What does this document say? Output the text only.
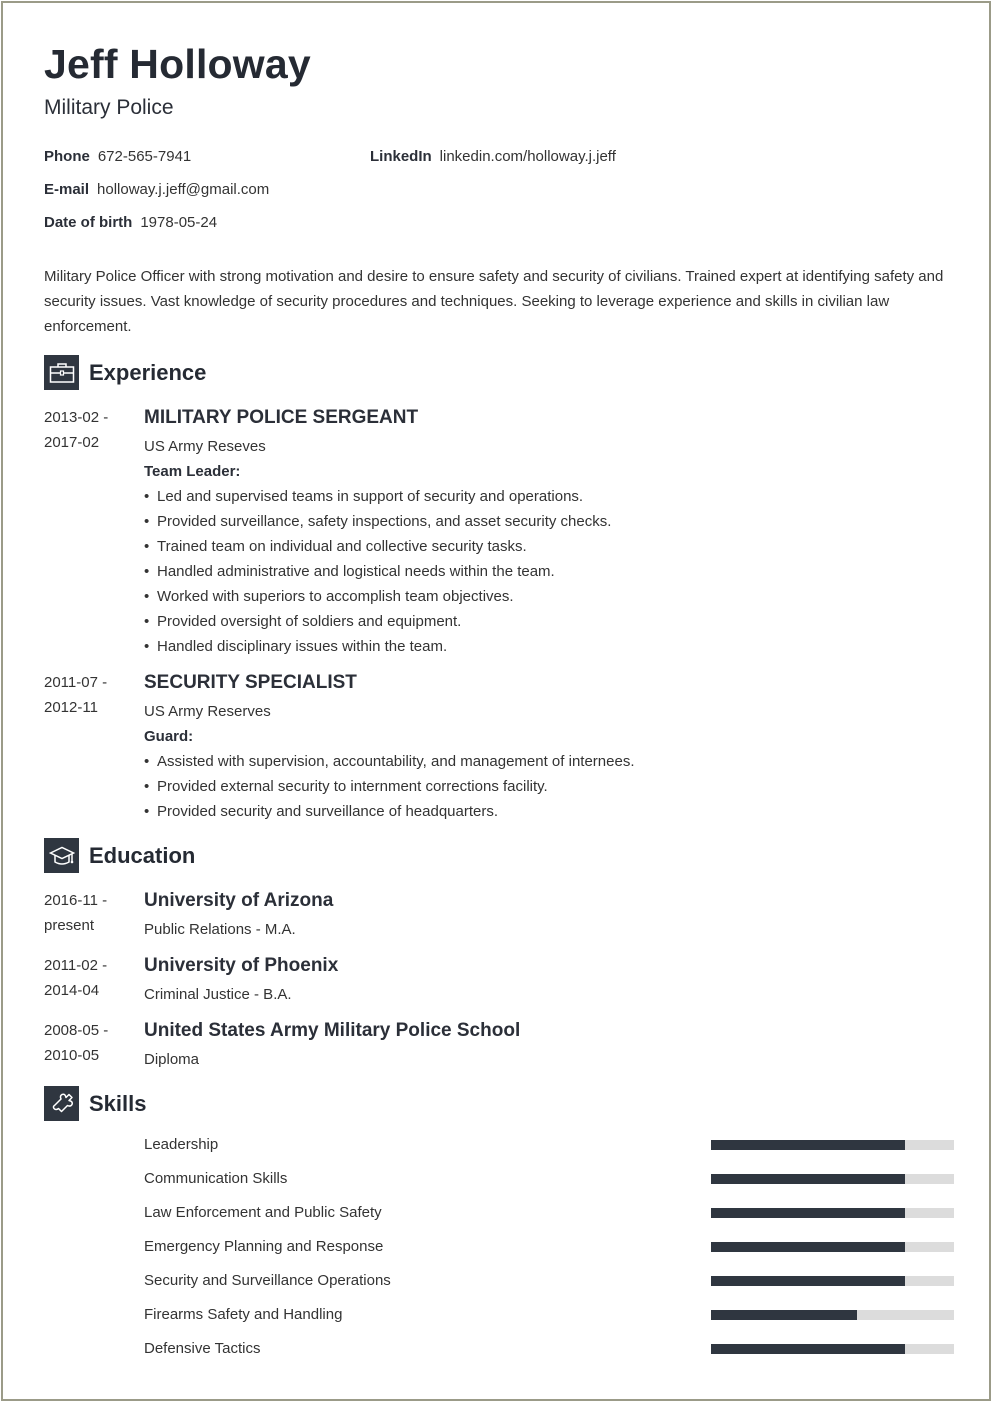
Jeff Holloway
Military Police
Phone 672-565-7941	LinkedIn linkedin.com/holloway.j.jeff
E-mail holloway.j.jeff@gmail.com
Date of birth 1978-05-24
Military Police Officer with strong motivation and desire to ensure safety and security of civilians. Trained expert at identifying safety and security issues. Vast knowledge of security procedures and techniques. Seeking to leverage experience and skills in civilian law enforcement.
Experience
2013-02 -
2017-02
MILITARY POLICE SERGEANT
US Army Reseves
Team Leader:
• Led and supervised teams in support of security and operations.
• Provided surveillance, safety inspections, and asset security checks.
• Trained team on individual and collective security tasks.
• Handled administrative and logistical needs within the team.
• Worked with superiors to accomplish team objectives.
• Provided oversight of soldiers and equipment.
• Handled disciplinary issues within the team.
2011-07 -
2012-11
SECURITY SPECIALIST
US Army Reserves
Guard:
• Assisted with supervision, accountability, and management of internees.
• Provided external security to internment corrections facility.
• Provided security and surveillance of headquarters.
Education
2016-11 -
present
University of Arizona
Public Relations - M.A.
2011-02 -
2014-04
University of Phoenix
Criminal Justice - B.A.
2008-05 -
2010-05
United States Army Military Police School
Diploma
Skills
Leadership
Communication Skills
Law Enforcement and Public Safety
Emergency Planning and Response
Security and Surveillance Operations
Firearms Safety and Handling
Defensive Tactics
